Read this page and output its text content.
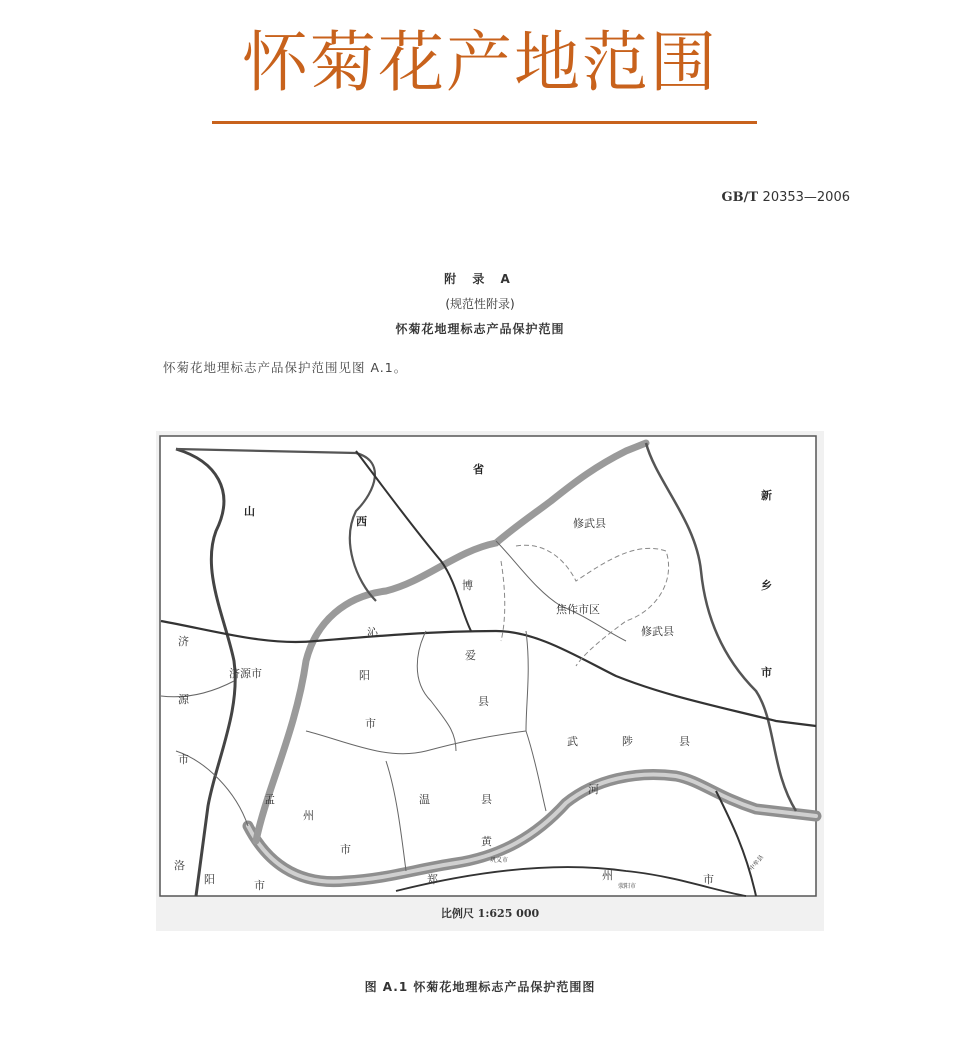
怀菊花产地范围
GB/T 20353—2006
附 录 A
(规范性附录)
怀菊花地理标志产品保护范围
怀菊花地理标志产品保护范围见图 A.1。
山
西
省
新
乡
市
修武县
焦作市区
修武县
博
爱
县
沁
阳
市
济源市
济
源
市
武	陟	县
孟
州
市
温	县
洛
阳	市
黄
河
郑	州	市
巩义市
荥阳市
中牟县
比例尺 1:625 000
图 A.1 怀菊花地理标志产品保护范围图
